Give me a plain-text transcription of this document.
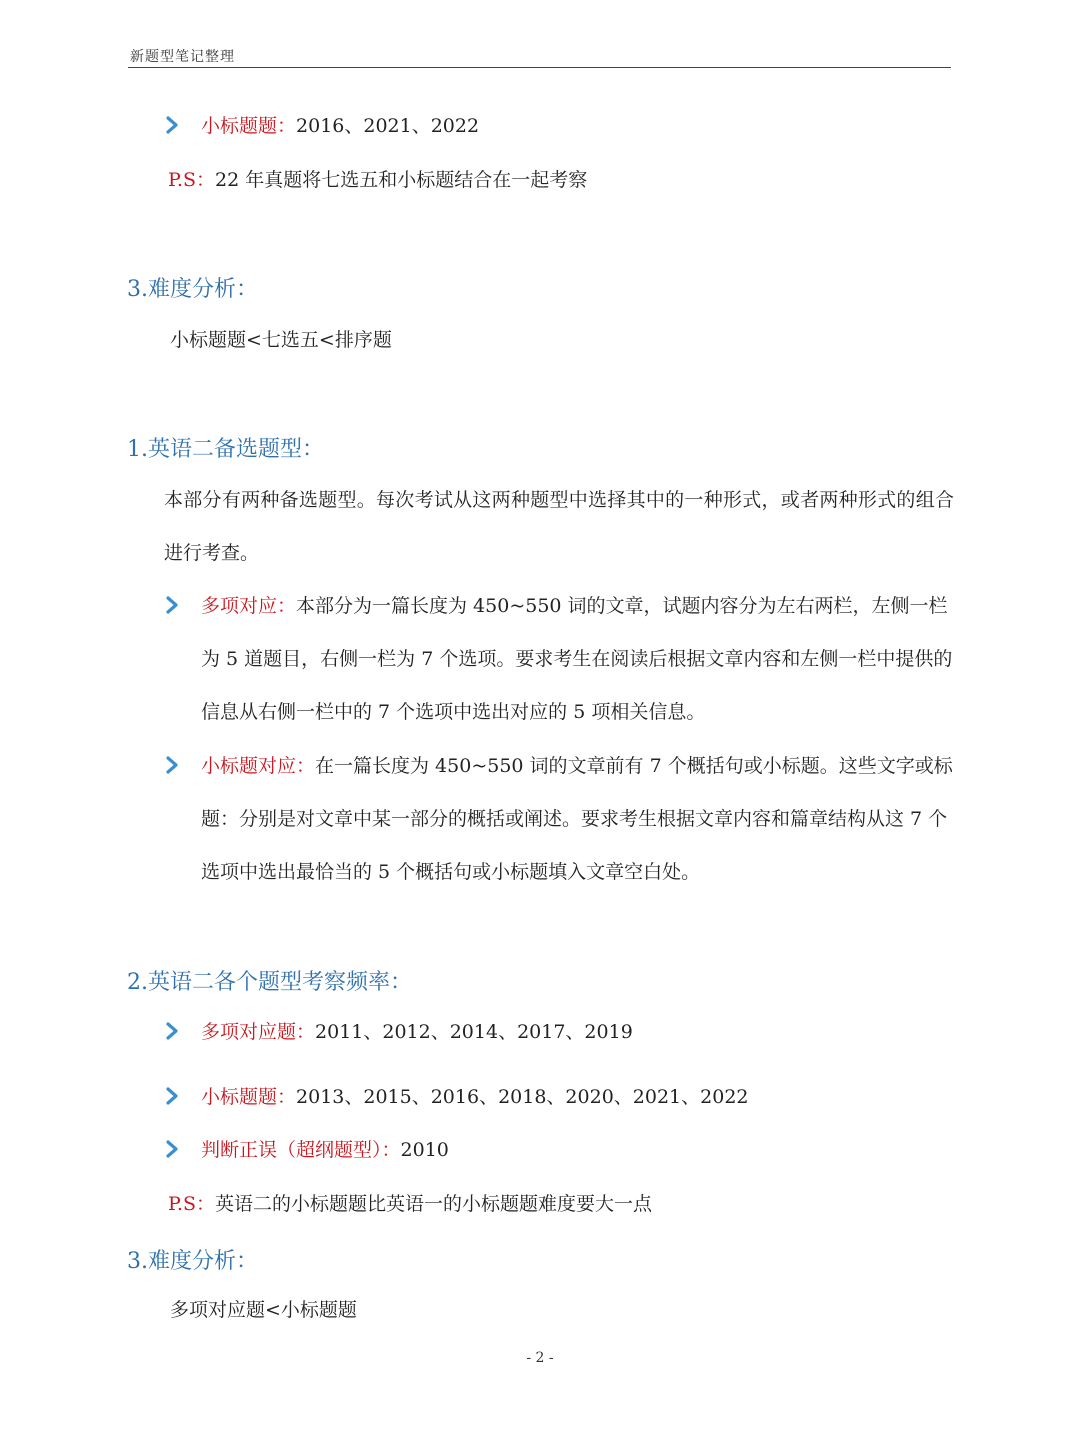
新题型笔记整理
小标题题：2016、2021、2022
P.S：22 年真题将七选五和小标题结合在一起考察
3.难度分析：
小标题题<七选五<排序题
1.英语二备选题型：
本部分有两种备选题型。每次考试从这两种题型中选择其中的一种形式，或者两种形式的组合进行考查。
多项对应：本部分为一篇长度为 450~550 词的文章，试题内容分为左右两栏，左侧一栏为 5 道题目，右侧一栏为 7 个选项。要求考生在阅读后根据文章内容和左侧一栏中提供的信息从右侧一栏中的 7 个选项中选出对应的 5 项相关信息。
小标题对应：在一篇长度为 450~550 词的文章前有 7 个概括句或小标题。这些文字或标题：分别是对文章中某一部分的概括或阐述。要求考生根据文章内容和篇章结构从这 7 个选项中选出最恰当的 5 个概括句或小标题填入文章空白处。
2.英语二各个题型考察频率：
多项对应题：2011、2012、2014、2017、2019
小标题题：2013、2015、2016、2018、2020、2021、2022
判断正误（超纲题型）：2010
P.S：英语二的小标题题比英语一的小标题题难度要大一点
3.难度分析：
多项对应题<小标题题
- 2 -
